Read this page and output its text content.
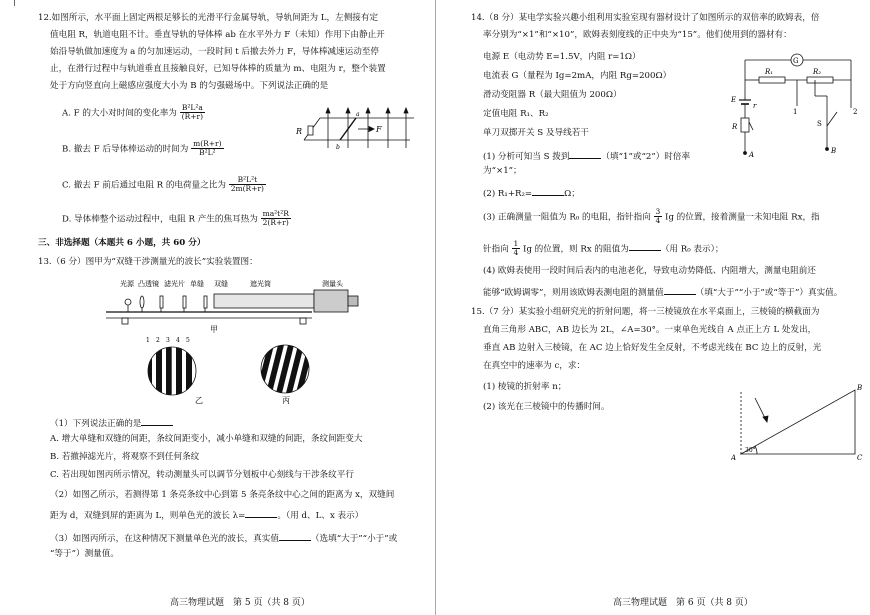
12.如图所示，水平面上固定两根足够长的光滑平行金属导轨，导轨间距为 L，左侧接有定
值电阻 R，轨道电阻不计。垂直导轨的导体棒 ab 在水平外力 F（未知）作用下由静止开
始沿导轨做加速度为 a 的匀加速运动，一段时间 t 后撤去外力 F，导体棒减速运动至停
止，在滑行过程中与轨道垂直且接触良好，已知导体棒的质量为 m、电阻为 r，整个装置
处于方向竖直向上磁感应强度大小为 B 的匀强磁场中。下列说法正确的是
A. F 的大小对时间的变化率为 $\frac{\text{B²L²a}}{(R+r)}$
B. 撤去 F 后导体棒运动的时间为 $\frac{m(R+r)}{\text{B²L²}}$
C. 撤去 F 前后通过电阻 R 的电荷量之比为 $\frac{\text{B²L²t}}{2m(R+r)}$
D. 导体棒整个运动过程中，电阻 R 产生的焦耳热为 $\frac{\text{ma²t²R}}{2(R+r)}$
R	F
a
b
三、非选择题（本题共 6 小题，共 60 分）
13.（6 分）图甲为“双缝干涉测量光的波长”实验装置图：
光源 凸透镜 滤光片 单缝 双缝	遮光筒	测量头
甲
1 2 3 4 5
乙	丙
（1）下列说法正确的是
A. 增大单缝和双缝的间距，条纹间距变小，减小单缝和双缝的间距，条纹间距变大
B. 若撤掉滤光片，将观察不到任何条纹
C. 若出现如图丙所示情况，转动测量头可以调节分划板中心刻线与干涉条纹平行
（2）如图乙所示，若测得第 1 条亮条纹中心到第 5 条亮条纹中心之间的距离为 x，双缝间
距为 d，双缝到屏的距离为 L，则单色光的波长 λ=	。（用 d、L、x 表示）
（3）如图丙所示，在这种情况下测量单色光的波长，真实值	（选填“大于”“小于”或
“等于”）测量值。
高三物理试题　第 5 页（共 8 页）
14.（8 分）某电学实验兴趣小组利用实验室现有器材设计了如图所示的双倍率的欧姆表，倍
率分别为“×1”和“×10”，欧姆表刻度线的正中央为“15”。他们使用到的器材有：
电源 E（电动势 E=1.5V，内阻 r=1Ω）
电流表 G（量程为 Ig=2mA，内阻 Rg=200Ω）
滑动变阻器 R（最大阻值为 200Ω）
定值电阻 R₁、R₂
单刀双掷开关 S 及导线若干
(1) 分析可知当 S 拨到	（填“1”或“2”）时倍率
为“×1”；
(2) R₁+R₂=	Ω；
(3) 正确测量一阻值为 R₀ 的电阻，指针指向 $\frac{3}{4}$ Ig 的位置，接着测量一未知电阻 Rx，指
针指向 $\frac{1}{4}$ Ig 的位置，则 Rx 的阻值为	（用 R₀ 表示）；
(4) 欧姆表使用一段时间后表内的电池老化，导致电动势降低、内阻增大，测量电阻前还
能够“欧姆调零”，则用该欧姆表测电阻的测量值	（填“大于”“小于”或“等于”）真实值。
G
R₁	R₂
E
r
R
1	2
S
A	B
15.（7 分）某实验小组研究光的折射问题，将一三棱镜放在水平桌面上，三棱镜的横截面为
直角三角形 ABC，AB 边长为 2L，∠A=30°。一束单色光线自 A 点正上方 L 处发出，
垂直 AB 边射入三棱镜，在 AC 边上恰好发生全反射，不考虑光线在 BC 边上的反射，光
在真空中的速率为 c，求：
(1) 棱镜的折射率 n；
(2) 该光在三棱镜中的传播时间。
A
B
C
30°
高三物理试题　第 6 页（共 8 页）
